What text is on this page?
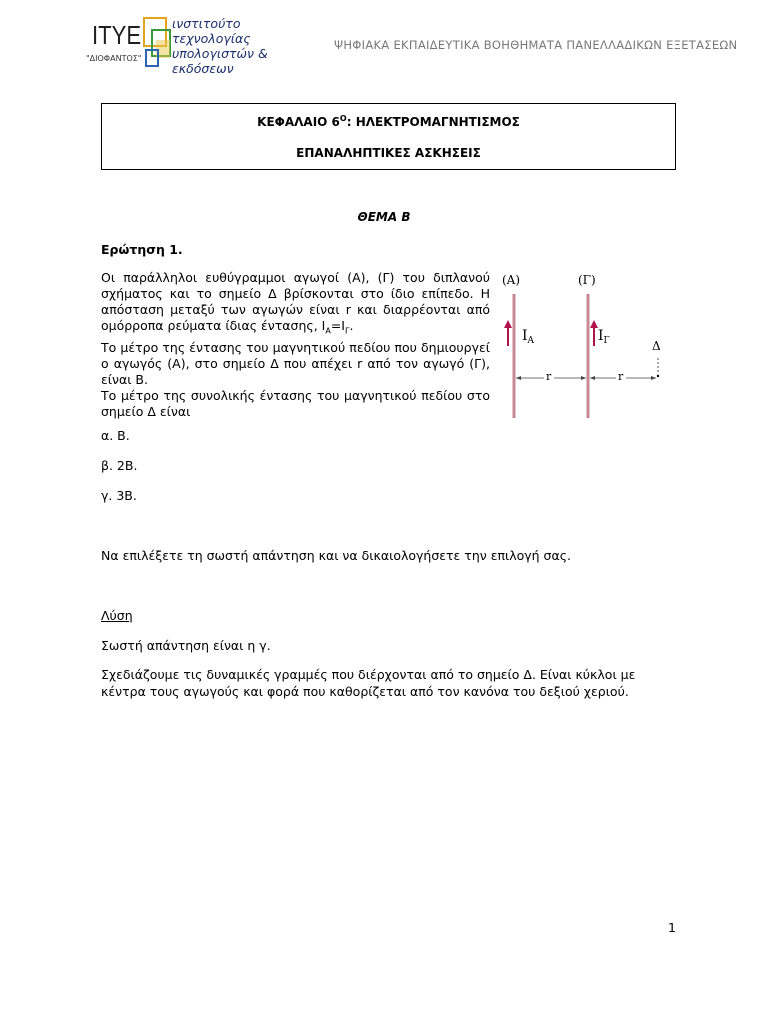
ITYE
"ΔΙΟΦΑΝΤΟΣ"
ινστιτούτο
τεχνολογίας
υπολογιστών & εκδόσεων
ΨΗΦΙΑΚΑ ΕΚΠΑΙΔΕΥΤΙΚΑ ΒΟΗΘΗΜΑΤΑ ΠΑΝΕΛΛΑΔΙΚΩΝ ΕΞΕΤΑΣΕΩΝ
ΚΕΦΑΛΑΙΟ $6^O$: ΗΛΕΚΤΡΟΜΑΓΝΗΤΙΣΜΟΣ
ΕΠΑΝΑΛΗΠΤΙΚΕΣ ΑΣΚΗΣΕΙΣ
ΘΕΜΑ Β
Ερώτηση 1.
Οι παράλληλοι ευθύγραμμοι αγωγοί (Α), (Γ) του διπλανού σχήματος και το σημείο Δ βρίσκονται στο ίδιο επίπεδο. Η απόσταση μεταξύ των αγωγών είναι r και διαρρέονται από ομόρροπα ρεύματα ίδιας έντασης, $I_A=I_\Gamma$.
Το μέτρο της έντασης του μαγνητικού πεδίου που δημιουργεί ο αγωγός (Α), στο σημείο Δ που απέχει r από τον αγωγό (Γ), είναι Β.
Το μέτρο της συνολικής έντασης του μαγνητικού πεδίου στο σημείο Δ είναι
α. Β.
β. 2Β.
γ. 3Β.
Να επιλέξετε τη σωστή απάντηση και να δικαιολογήσετε την επιλογή σας.
Λύση
Σωστή απάντηση είναι η γ.
Σχεδιάζουμε τις δυναμικές γραμμές που διέρχονται από το σημείο Δ. Είναι κύκλοι με κέντρα τους αγωγούς και φορά που καθορίζεται από τον κανόνα του δεξιού χεριού.
(Α)	(Γ)
$I_A$	$I_\Gamma$	Δ
r	r
1
